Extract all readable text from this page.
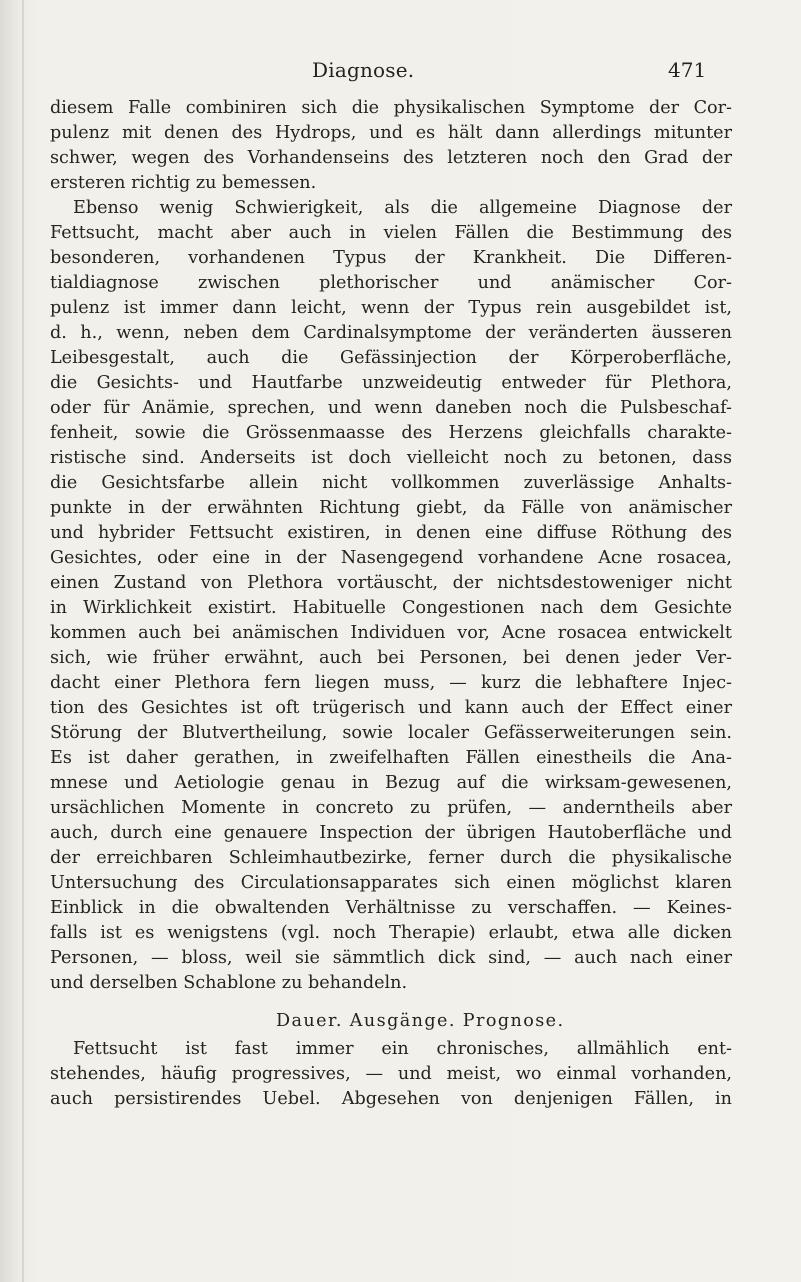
Diagnose.	471
diesem Falle combiniren sich die physikalischen Symptome der Cor-
pulenz mit denen des Hydrops, und es hält dann allerdings mitunter
schwer, wegen des Vorhandenseins des letzteren noch den Grad der
ersteren richtig zu bemessen.
Ebenso wenig Schwierigkeit, als die allgemeine Diagnose der
Fettsucht, macht aber auch in vielen Fällen die Bestimmung des
besonderen, vorhandenen Typus der Krankheit. Die Differen-
tialdiagnose zwischen plethorischer und anämischer Cor-
pulenz ist immer dann leicht, wenn der Typus rein ausgebildet ist,
d. h., wenn, neben dem Cardinalsymptome der veränderten äusseren
Leibesgestalt, auch die Gefässinjection der Körperoberfläche,
die Gesichts- und Hautfarbe unzweideutig entweder für Plethora,
oder für Anämie, sprechen, und wenn daneben noch die Pulsbeschaf-
fenheit, sowie die Grössenmaasse des Herzens gleichfalls charakte-
ristische sind. Anderseits ist doch vielleicht noch zu betonen, dass
die Gesichtsfarbe allein nicht vollkommen zuverlässige Anhalts-
punkte in der erwähnten Richtung giebt, da Fälle von anämischer
und hybrider Fettsucht existiren, in denen eine diffuse Röthung des
Gesichtes, oder eine in der Nasengegend vorhandene Acne rosacea,
einen Zustand von Plethora vortäuscht, der nichtsdestoweniger nicht
in Wirklichkeit existirt. Habituelle Congestionen nach dem Gesichte
kommen auch bei anämischen Individuen vor, Acne rosacea entwickelt
sich, wie früher erwähnt, auch bei Personen, bei denen jeder Ver-
dacht einer Plethora fern liegen muss, — kurz die lebhaftere Injec-
tion des Gesichtes ist oft trügerisch und kann auch der Effect einer
Störung der Blutvertheilung, sowie localer Gefässerweiterungen sein.
Es ist daher gerathen, in zweifelhaften Fällen einestheils die Ana-
mnese und Aetiologie genau in Bezug auf die wirksam-gewesenen,
ursächlichen Momente in concreto zu prüfen, — anderntheils aber
auch, durch eine genauere Inspection der übrigen Hautoberfläche und
der erreichbaren Schleimhautbezirke, ferner durch die physikalische
Untersuchung des Circulationsapparates sich einen möglichst klaren
Einblick in die obwaltenden Verhältnisse zu verschaffen. — Keines-
falls ist es wenigstens (vgl. noch Therapie) erlaubt, etwa alle dicken
Personen, — bloss, weil sie sämmtlich dick sind, — auch nach einer
und derselben Schablone zu behandeln.
Dauer. Ausgänge. Prognose.
Fettsucht ist fast immer ein chronisches, allmählich ent-
stehendes, häufig progressives, — und meist, wo einmal vorhanden,
auch persistirendes Uebel. Abgesehen von denjenigen Fällen, in
